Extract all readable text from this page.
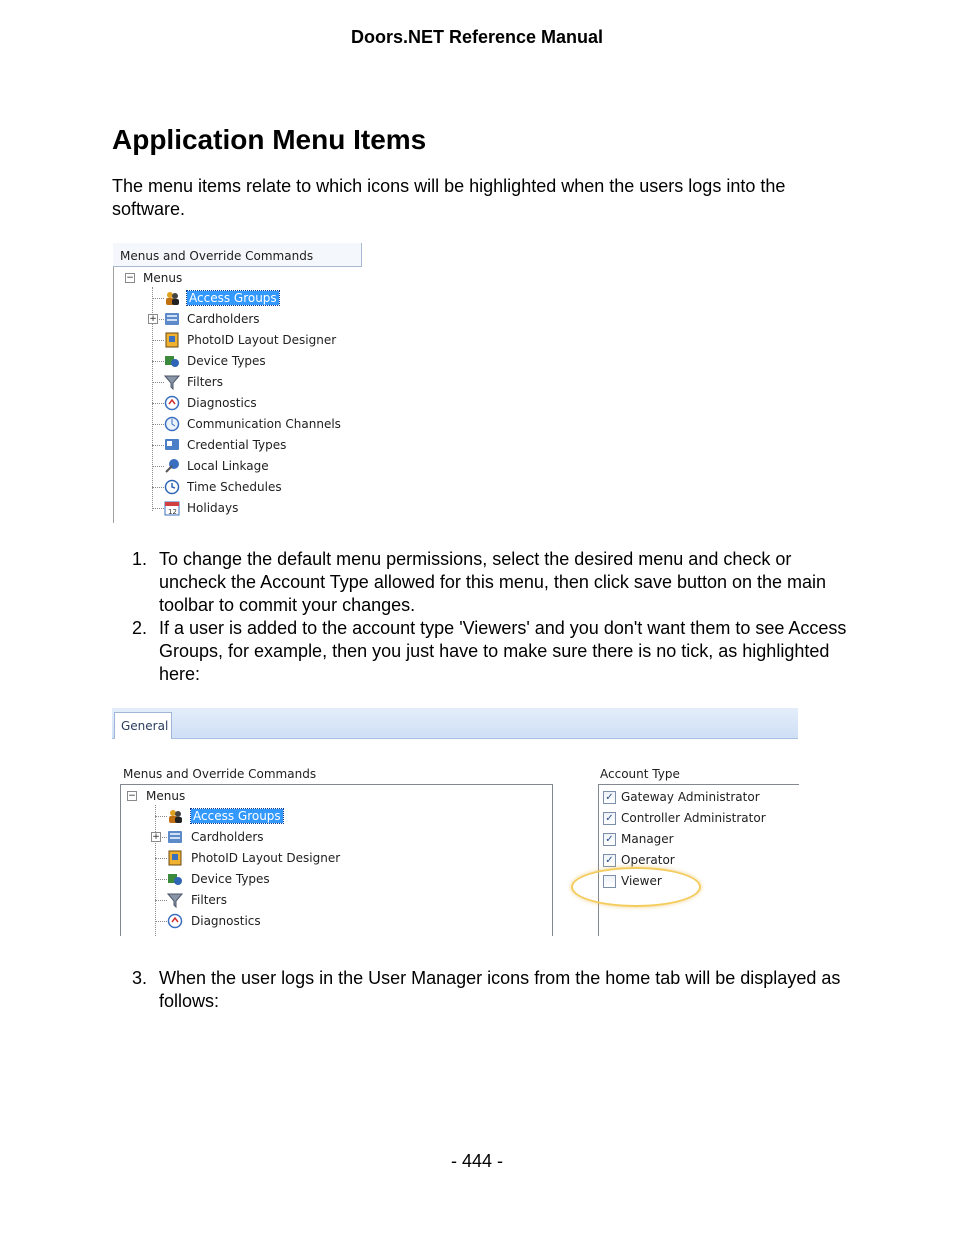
Doors.NET Reference Manual
Application Menu Items
The menu items relate to which icons will be highlighted when the users logs into the software.
Menus and Override Commands
− Menus
Access Groups
+	Cardholders
PhotoID Layout Designer
Device Types
Filters
Diagnostics
Communication Channels
Credential Types
Local Linkage
Time Schedules
12 Holidays
1. To change the default menu permissions, select the desired menu and check or uncheck the Account Type allowed for this menu, then click save button on the main toolbar to commit your changes.
2. If a user is added to the account type 'Viewers' and you don't want them to see Access Groups, for example, then you just have to make sure there is no tick, as highlighted here:
General
Menus and Override Commands	Account Type
− Menus
Access Groups
+	Cardholders
PhotoID Layout Designer
Device Types
Filters
Diagnostics
✓ Gateway Administrator
✓ Controller Administrator
✓ Manager
✓ Operator
Viewer
3. When the user logs in the User Manager icons from the home tab will be displayed as follows:
- 444 -
